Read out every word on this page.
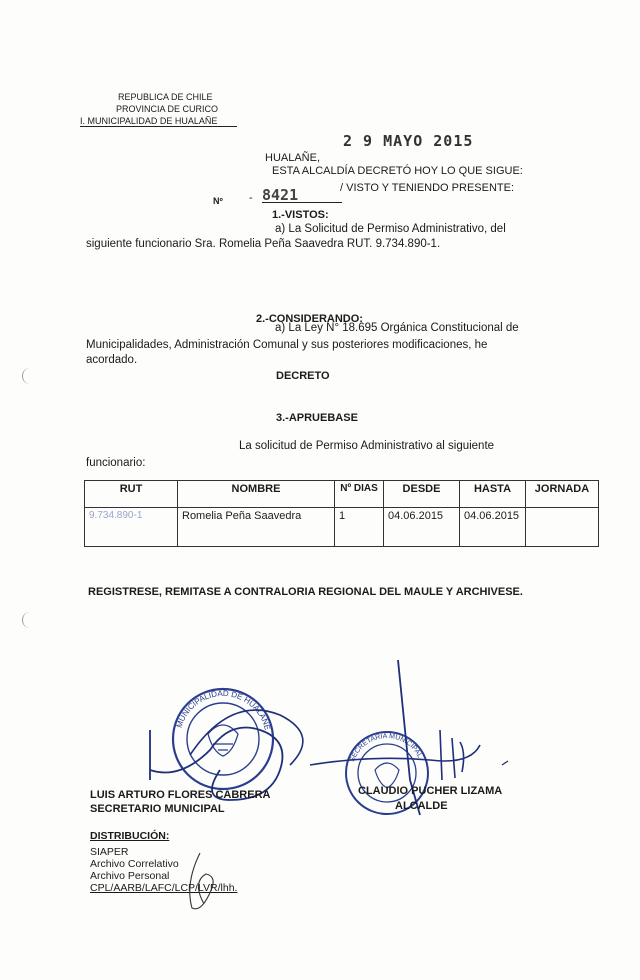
REPUBLICA DE CHILE
PROVINCIA DE CURICO
I. MUNICIPALIDAD DE HUALAÑE
2 9 MAYO 2015
HUALAÑE,
ESTA ALCALDÍA DECRETÓ HOY LO QUE SIGUE:
Nº - 8421	/ VISTO Y TENIENDO PRESENTE:
1.-VISTOS:
a) La Solicitud de Permiso Administrativo, del
siguiente funcionario Sra. Romelia Peña Saavedra RUT. 9.734.890-1.
2.-CONSIDERANDO:
a) La Ley N° 18.695 Orgánica Constitucional de
Municipalidades, Administración Comunal y sus posteriores modificaciones, he
acordado.
DECRETO
3.-APRUEBASE
La solicitud de Permiso Administrativo al siguiente
funcionario:
RUT	NOMBRE	Nº DIAS	DESDE	HASTA	JORNADA
9.734.890-1	Romelia Peña Saavedra	1	04.06.2015	04.06.2015	
REGISTRESE, REMITASE A CONTRALORIA REGIONAL DEL MAULE Y ARCHIVESE.
MUNICIPALIDAD DE HUALAÑE
SECRETARIA MUNICIPAL
LUIS ARTURO FLORES CABRERA
SECRETARIO MUNICIPAL
CLAUDIO PUCHER LIZAMA
ALCALDE
DISTRIBUCIÓN:
SIAPER
Archivo Correlativo
Archivo Personal
CPL/AARB/LAFC/LCP/LVR/lhh.
